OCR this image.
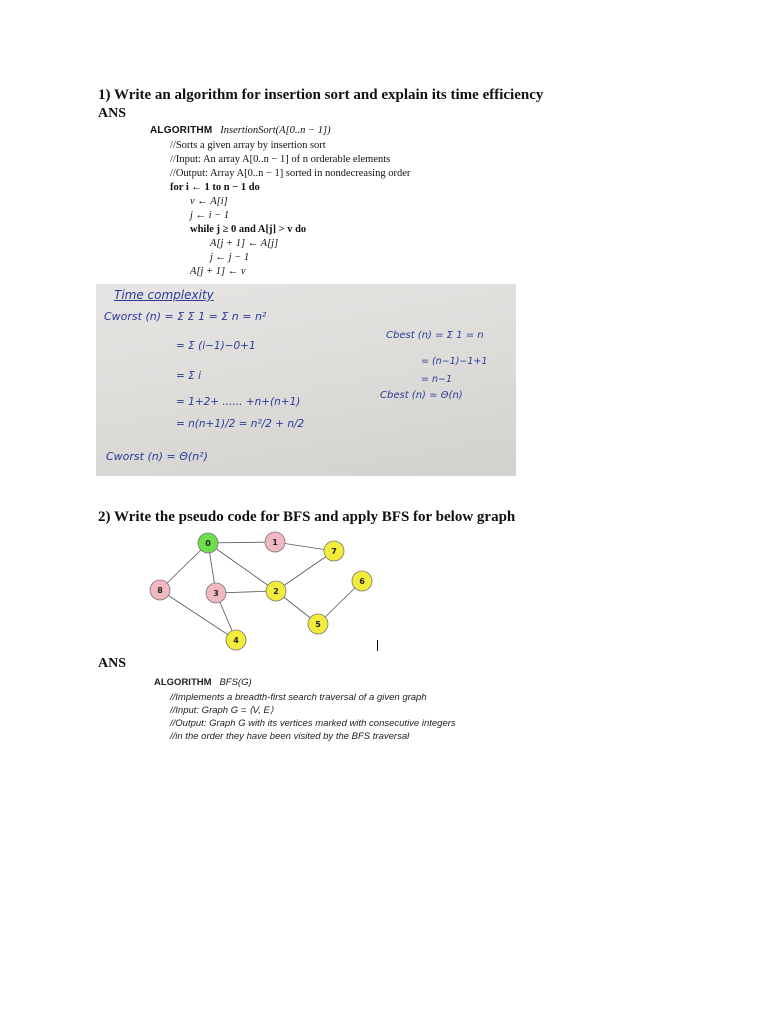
1) Write an algorithm for insertion sort and explain its time efficiency
ANS
ALGORITHM InsertionSort(A[0..n − 1])
//Sorts a given array by insertion sort
//Input: An array A[0..n − 1] of n orderable elements
//Output: Array A[0..n − 1] sorted in nondecreasing order
for i ← 1 to n − 1 do
v ← A[i]
j ← i − 1
while j ≥ 0 and A[j] > v do
A[j + 1] ← A[j]
j ← j − 1
A[j + 1] ← v
Time complexity
Cworst (n) = Σ Σ 1 = Σ n = n²
= Σ (i−1)−0+1
= Σ i
= 1+2+ ...... +n+(n+1)
= n(n+1)/2 = n²/2 + n/2
Cworst (n) = Θ(n²)
Cbest (n) = Σ 1 = n
= (n−1)−1+1
= n−1
Cbest (n) = Θ(n)
2) Write the pseudo code for BFS and apply BFS for below graph
0	1
7
8	3	2
6
5
4
ANS
ALGORITHM BFS(G)
//Implements a breadth-first search traversal of a given graph
//Input: Graph G = ⟨V, E⟩
//Output: Graph G with its vertices marked with consecutive integers
//in the order they have been visited by the BFS traversal
